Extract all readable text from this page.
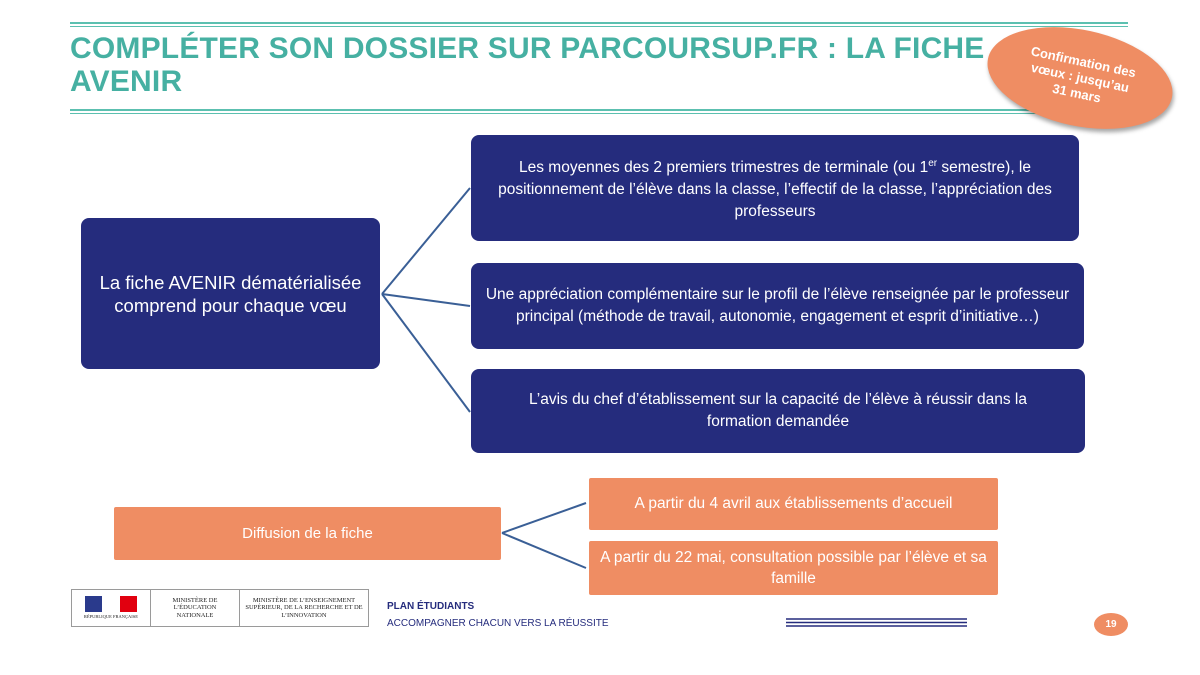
COMPLÉTER SON DOSSIER SUR PARCOURSUP.FR : LA FICHE AVENIR
Confirmation des vœux : jusqu’au 31 mars
La fiche AVENIR dématérialisée comprend pour chaque vœu
Les moyennes des 2 premiers trimestres de terminale (ou 1er semestre), le positionnement de l’élève dans la classe, l’effectif de la classe, l’appréciation des professeurs
Une appréciation complémentaire sur le profil de l’élève renseignée par le professeur principal (méthode de travail, autonomie, engagement et esprit d’initiative…)
L’avis du chef d’établissement sur la capacité de l’élève à réussir dans la formation demandée
Diffusion de la fiche
A partir du 4 avril aux établissements d’accueil
A partir du 22 mai, consultation possible par l’élève et sa famille
RÉPUBLIQUE FRANÇAISE
MINISTÈRE DE L’ÉDUCATION NATIONALE
MINISTÈRE DE L’ENSEIGNEMENT SUPÉRIEUR, DE LA RECHERCHE ET DE L’INNOVATION
PLAN ÉTUDIANTS
ACCOMPAGNER CHACUN VERS LA RÉUSSITE	19
